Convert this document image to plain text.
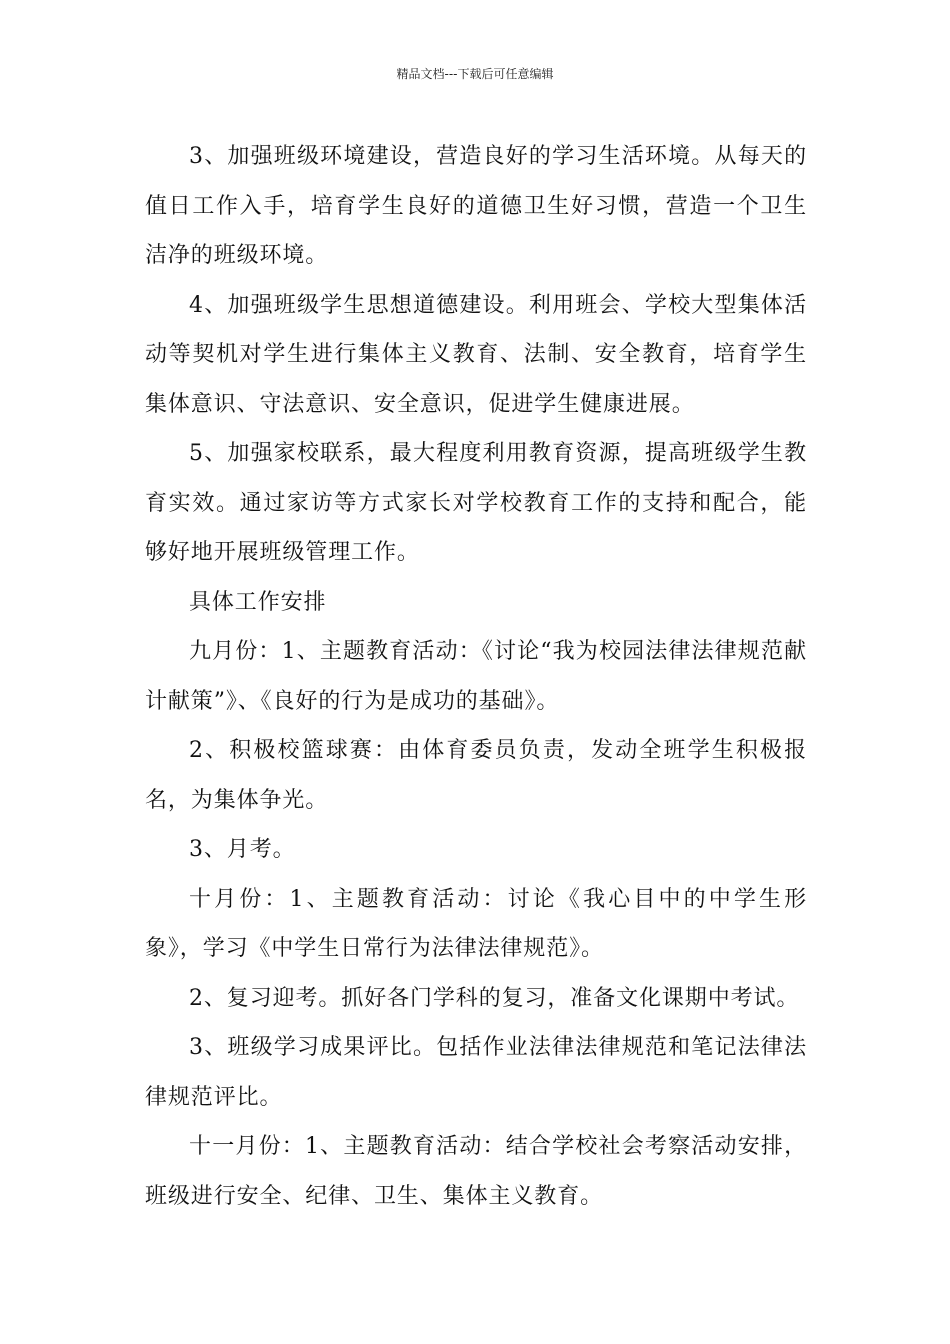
精品文档---下载后可任意编辑

3、加强班级环境建设，营造良好的学习生活环境。从每天的值日工作入手，培育学生良好的道德卫生好习惯，营造一个卫生洁净的班级环境。

4、加强班级学生思想道德建设。利用班会、学校大型集体活动等契机对学生进行集体主义教育、法制、安全教育，培育学生集体意识、守法意识、安全意识，促进学生健康进展。

5、加强家校联系，最大程度利用教育资源，提高班级学生教育实效。通过家访等方式家长对学校教育工作的支持和配合，能够好地开展班级管理工作。

具体工作安排

九月份：1、主题教育活动：《讨论“我为校园法律法律规范献计献策”》、《良好的行为是成功的基础》。

2、积极校篮球赛：由体育委员负责，发动全班学生积极报名，为集体争光。

3、月考。

十月份：1、主题教育活动：讨论《我心目中的中学生形象》，学习《中学生日常行为法律法律规范》。

2、复习迎考。抓好各门学科的复习，准备文化课期中考试。

3、班级学习成果评比。包括作业法律法律规范和笔记法律法律规范评比。

十一月份：1、主题教育活动：结合学校社会考察活动安排，班级进行安全、纪律、卫生、集体主义教育。
